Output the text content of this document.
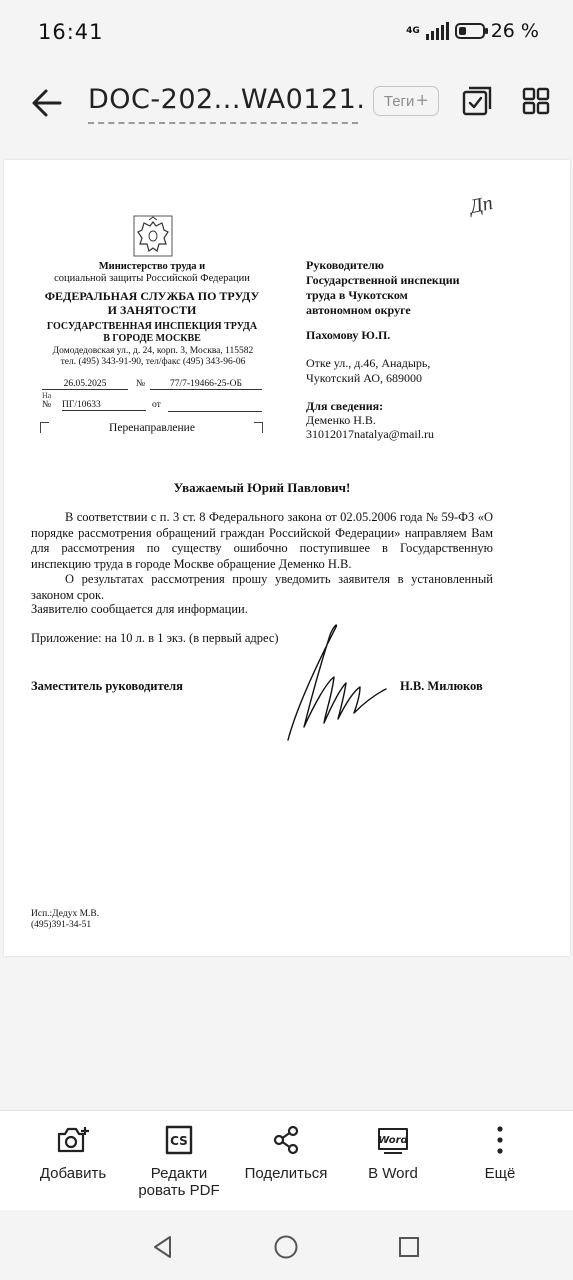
16:41	4G	26 %
DOC-202...WA0121. Теги +
Дп
Министерство труда и
социальной защиты Российской Федерации
ФЕДЕРАЛЬНАЯ СЛУЖБА ПО ТРУДУ
И ЗАНЯТОСТИ
ГОСУДАРСТВЕННАЯ ИНСПЕКЦИЯ ТРУДА
В ГОРОДЕ МОСКВЕ
Домодедовская ул., д. 24, корп. 3, Москва, 115582
тел. (495) 343-91-90, тел/факс (495) 343-96-06
26.05.2025	№	77/7-19466-25-ОБ
На
№ ПГ/10633	от
Перенаправление
Руководителю
Государственной инспекции
труда в Чукотском
автономном округе
Пахомову Ю.П.
Отке ул., д.46, Анадырь,
Чукотский АО, 689000
Для сведения:
Деменко Н.В.
31012017natalya@mail.ru
Уважаемый Юрий Павлович!
В соответствии с п. 3 ст. 8 Федерального закона от 02.05.2006 года № 59-ФЗ «О порядке рассмотрения обращений граждан Российской Федерации» направляем Вам для рассмотрения по существу ошибочно поступившее в Государственную инспекцию труда в городе Москве обращение Деменко Н.В.
О результатах рассмотрения прошу уведомить заявителя в установленный законом срок.
Заявителю сообщается для информации.
Приложение: на 10 л. в 1 экз. (в первый адрес)
Заместитель руководителя	Н.В. Милюков
Исп.:Дедух М.В.
(495)391-34-51
Добавить
CS
Редакти
ровать PDF
Поделиться
Word
В Word	Ещё
